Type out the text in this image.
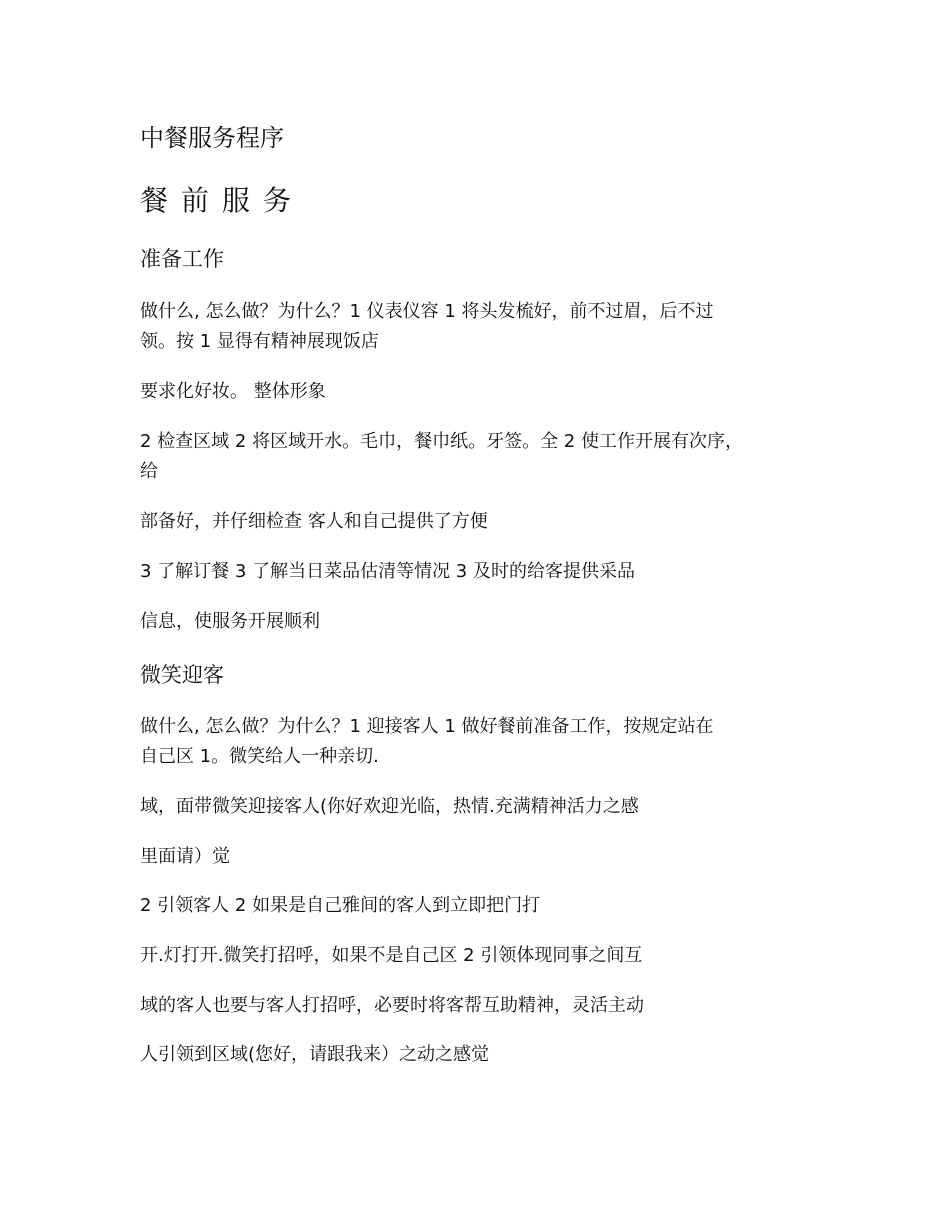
中餐服务程序
餐前服务
准备工作
做什么, 怎么做？为什么？1 仪表仪容 1 将头发梳好，前不过眉，后不过
领。按 1 显得有精神展现饭店
要求化好妆。 整体形象
2 检查区域 2 将区域开水。毛巾，餐巾纸。牙签。全 2 使工作开展有次序，
给
部备好，并仔细检查 客人和自己提供了方便
3 了解订餐 3 了解当日菜品估清等情况 3 及时的给客提供采品
信息，使服务开展顺利
微笑迎客
做什么, 怎么做？为什么？1 迎接客人 1 做好餐前准备工作，按规定站在
自己区 1。微笑给人一种亲切.
域，面带微笑迎接客人(你好欢迎光临，热情.充满精神活力之感
里面请）觉
2 引领客人 2 如果是自己雅间的客人到立即把门打
开.灯打开.微笑打招呼，如果不是自己区 2 引领体现同事之间互
域的客人也要与客人打招呼，必要时将客帮互助精神，灵活主动
人引领到区域(您好，请跟我来）之动之感觉
